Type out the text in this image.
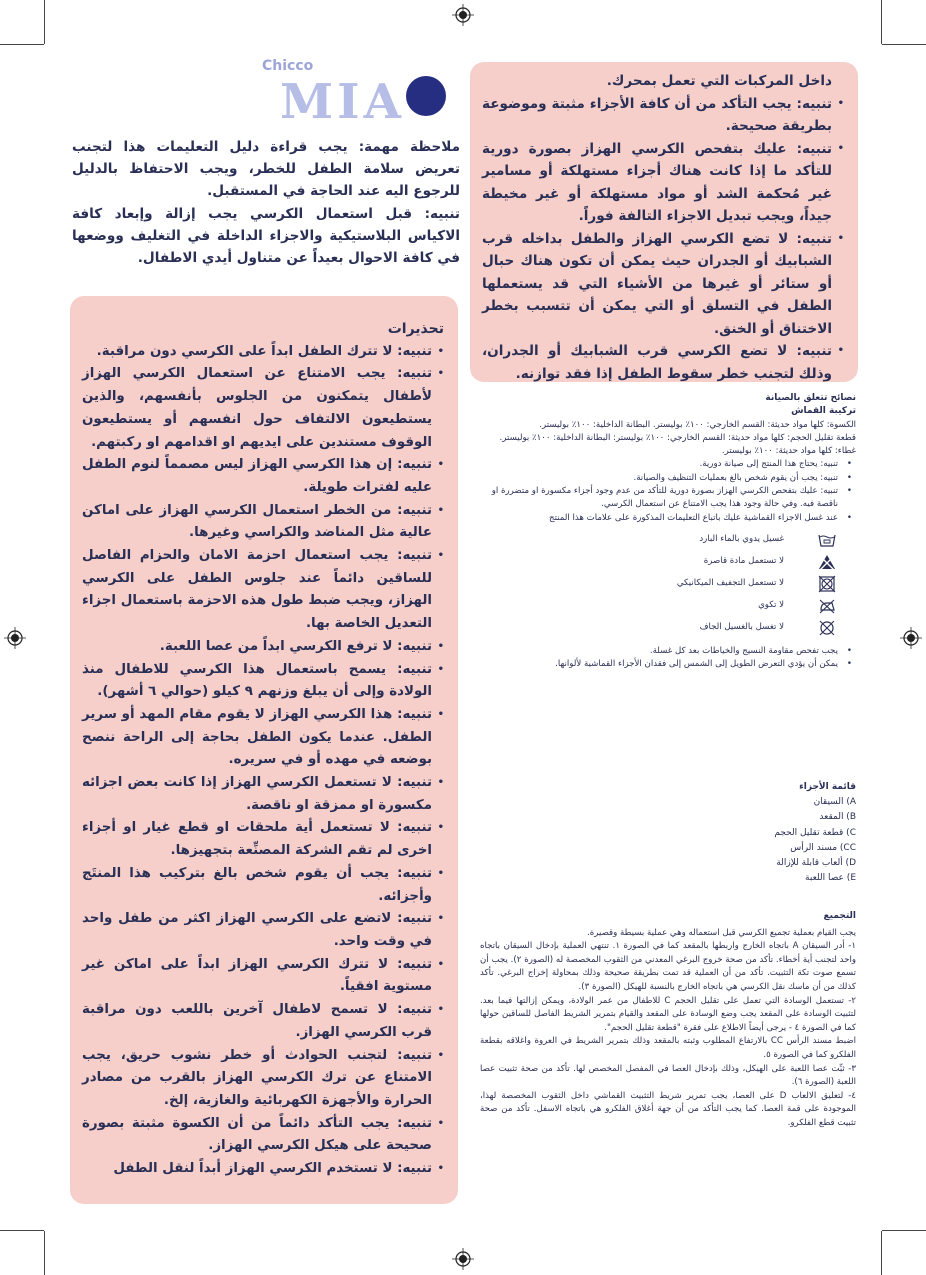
Chicco
MIA	داخل المركبات التي تعمل بمحرك.
• تنبيه: يجب التأكد من أن كافة الأجزاء مثبتة وموضوعة بطريقة صحيحة.
• تنبيه: عليك بتفحص الكرسي الهزاز بصورة دورية للتأكد ما إذا كانت هناك أجزاء مستهلكة أو مسامير غير مُحكمة الشد أو مواد مستهلكة أو غير مخيطة جيداً، ويجب تبديل الاجزاء التالفة فوراً.
• تنبيه: لا تضع الكرسي الهزاز والطفل بداخله قرب الشبابيك أو الجدران حيث يمكن أن تكون هناك حبال أو ستائر أو غيرها من الأشياء التي قد يستعملها الطفل في التسلق أو التي يمكن أن تتسبب بخطر الاختناق أو الخنق.
• تنبيه: لا تضع الكرسي قرب الشبابيك أو الجدران، وذلك لتجنب خطر سقوط الطفل إذا فقد توازنه.

ملاحظة مهمة: يجب قراءة دليل التعليمات هذا لتجنب تعريض سلامة الطفل للخطر، ويجب الاحتفاظ بالدليل للرجوع اليه عند الحاجة في المستقبل.

تنبيه: قبل استعمال الكرسي يجب إزالة وإبعاد كافة الاكياس البلاستيكية والاجزاء الداخلة في التغليف ووضعها في كافة الاحوال بعيداً عن متناول أيدي الاطفال.

تحذيرات
• تنبيه: لا تترك الطفل ابداً على الكرسي دون مراقبة.
• تنبيه: يجب الامتناع عن استعمال الكرسي الهزاز لأطفال يتمكنون من الجلوس بأنفسهم، والذين يستطيعون الالتفاف حول انفسهم أو يستطيعون الوقوف مستندين على ايديهم او اقدامهم او ركبتهم.
• تنبيه: إن هذا الكرسي الهزاز ليس مصمماً لنوم الطفل عليه لفترات طويلة.
• تنبيه: من الخطر استعمال الكرسي الهزاز على اماكن عالية مثل المناضد والكراسي وغيرها.
• تنبيه: يجب استعمال احزمة الامان والحزام الفاصل للساقين دائماً عند جلوس الطفل على الكرسي الهزاز، ويجب ضبط طول هذه الاحزمة باستعمال اجزاء التعديل الخاصة بها.
• تنبيه: لا ترفع الكرسي ابداً من عصا اللعبة.
• تنبيه: يسمح باستعمال هذا الكرسي للاطفال منذ الولادة وإلى أن يبلغ وزنهم ٩ كيلو (حوالي ٦ أشهر).
• تنبيه: هذا الكرسي الهزاز لا يقوم مقام المهد أو سرير الطفل. عندما يكون الطفل بحاجة إلى الراحة ننصح بوضعه في مهده أو في سريره.
• تنبيه: لا تستعمل الكرسي الهزاز إذا كانت بعض اجزائه مكسورة او ممزقة او ناقصة.
• تنبيه: لا تستعمل أية ملحقات او قطع غيار او أجزاء اخرى لم تقم الشركة المصنِّعة بتجهيزها.
• تنبيه: يجب أن يقوم شخص بالغ بتركيب هذا المنتَج وأجزائه.
• تنبيه: لاتضع على الكرسي الهزاز اكثر من طفل واحد في وقت واحد.
• تنبيه: لا تترك الكرسي الهزاز ابداً على اماكن غير مستوية افقياً.
• تنبيه: لا تسمح لاطفال آخرين باللعب دون مراقبة قرب الكرسي الهزاز.
• تنبيه: لتجنب الحوادث أو خطر نشوب حريق، يجب الامتناع عن ترك الكرسي الهزاز بالقرب من مصادر الحرارة والأجهزة الكهربائية والغازية، إلخ.
• تنبيه: يجب التأكد دائماً من أن الكسوة مثبتة بصورة صحيحة على هيكل الكرسي الهزاز.
• تنبيه: لا تستخدم الكرسي الهزاز أبداً لنقل الطفل

نصائح تتعلق بالصيانة

تركيبة القماش

الكسوة: كلها مواد حديثة: القسم الخارجي: ١٠٠٪ بوليستر. البطانة الداخلية: ١٠٠٪ بوليستر.

قطعة تقليل الحجم: كلها مواد حديثة: القسم الخارجي: ١٠٠٪ بوليستر: البطانة الداخلية: ١٠٠٪ بوليستر.

غطاء: كلها مواد حديثة: ١٠٠٪ بوليستر.

• تنبيه: يحتاج هذا المنتج إلى صيانة دورية.
• تنبيه: يجب أن يقوم شخص بالغ بعمليات التنظيف والصيانة.
• تنبيه: عليك بتفحص الكرسي الهزاز بصورة دورية للتأكد من عدم وجود أجزاء مكسورة او متضررة او ناقصة فيه. وفي حالة وجود هذا يجب الامتناع عن استعمال الكرسي.
• عند غسل الاجزاء القماشية عليك باتباع التعليمات المذكورة على علامات هذا المنتج
غسيل يدوي بالماء البارد
لا تستعمل مادة قاصرة
لا تستعمل التجفيف الميكانيكي
لا تكوي
لا تغسل بالغسيل الجاف
• يجب تفحص مقاومة النسيج والخياطات بعد كل غسلة.
• يمكن أن يؤدي التعرض الطويل إلى الشمس إلى فقدان الأجزاء القماشية لألوانها.

قائمة الأجزاء

A) السيقان

B) المقعد

C) قطعة تقليل الحجم

CC) مسند الرأس

D) ألعاب قابلة للإزالة

E) عصا اللعبة

التجميع

يجب القيام بعملية تجميع الكرسي قبل استعماله وهي عملية بسيطة وقصيرة.

١- أدر السيقان A باتجاه الخارج واربطها بالمقعد كما في الصورة ١. تنتهي العملية بإدخال السيقان باتجاه واحد لتجنب أية أخطاء. تأكد من صحة خروج البرغي المعدني من الثقوب المخصصة له (الصورة ٢). يجب أن تسمع صوت تكة التثبيت. تأكد من أن العملية قد تمت بطريقة صحيحة وذلك بمحاولة إخراج البرغي. تأكد كذلك من أن ماسك نقل الكرسي هي باتجاه الخارج بالنسبة للهيكل (الصورة ٣).

٢- تستعمل الوسادة التي تعمل على تقليل الحجم C للاطفال من عمر الولادة، ويمكن إزالتها فيما بعد. لتثبيت الوسادة على المقعد يجب وضع الوسادة على المقعد والقيام بتمرير الشريط الفاصل للساقين حولها كما في الصورة ٤ - يرجى أيضاً الاطلاع على فقرة "قطعة تقليل الحجم".

اضبط مسند الرأس CC بالارتفاع المطلوب وثبته بالمقعد وذلك بتمرير الشريط في العروة واغلاقه بقطعة الفلكرو كما في الصورة ٥.

٣- ثبِّت عصا اللعبة على الهيكل، وذلك بإدخال العصا في المفصل المخصص لها. تأكد من صحة تثبيت عصا اللعبة (الصورة ٦).

٤- لتعليق الالعاب D على العصا، يجب تمرير شريط التثبيت القماشي داخل الثقوب المخصصة لهذا، الموجودة على قمة العصا. كما يجب التأكد من أن جهة أغلاق الفلكرو هي باتجاه الاسفل. تأكد من صحة تثبيت قطع الفلكرو.
